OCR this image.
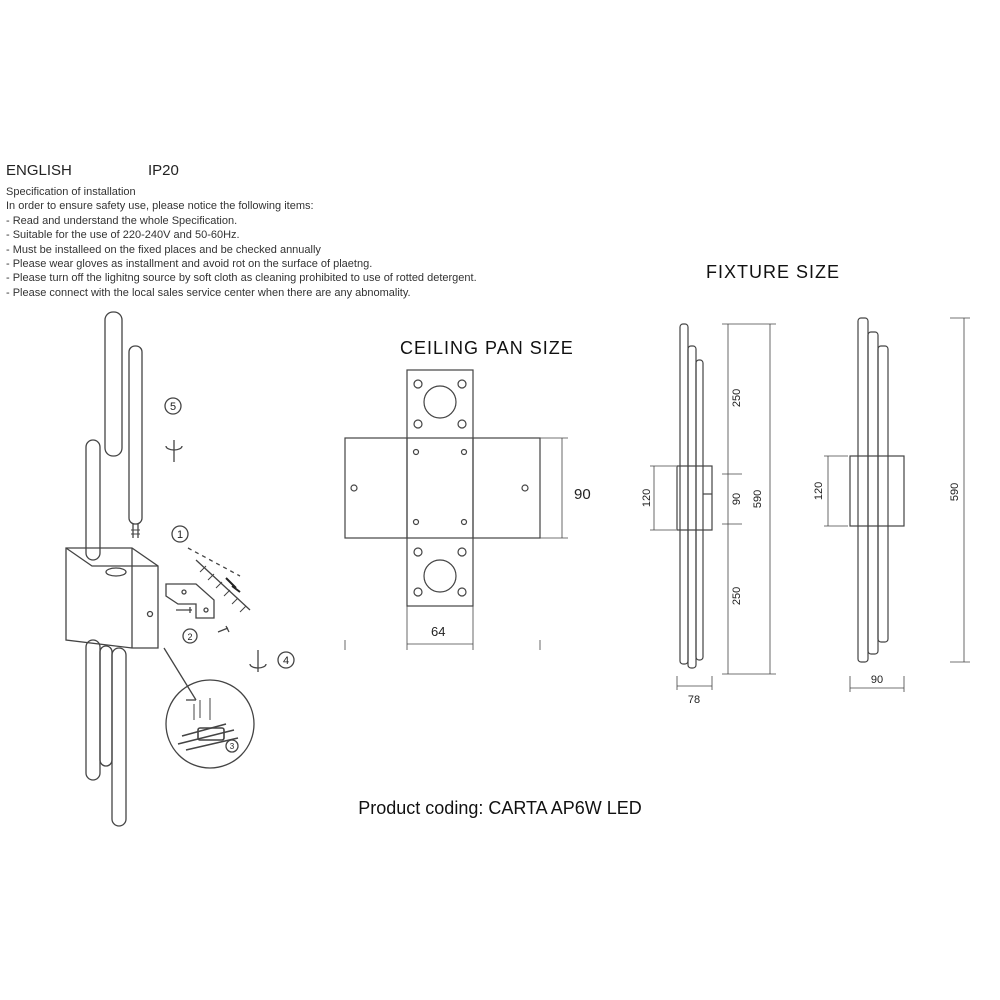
ENGLISH	IP20
Specification of installation
In order to ensure safety use, please notice the following items:
- Read and understand the whole Specification.
- Suitable for the use of 220-240V and 50-60Hz.
- Must be installeed on the fixed places and be checked annually
- Please wear gloves as installment and avoid rot on the surface of plaetng.
- Please turn off the lighitng source by soft cloth as cleaning prohibited to use of rotted detergent.
- Please connect with the local sales service center when there are any abnomality.
CEILING PAN SIZE
FIXTURE SIZE
5
1
2
3
4
90
64
250
90
250
590
120
78
120	590
90
Product coding: CARTA AP6W LED
